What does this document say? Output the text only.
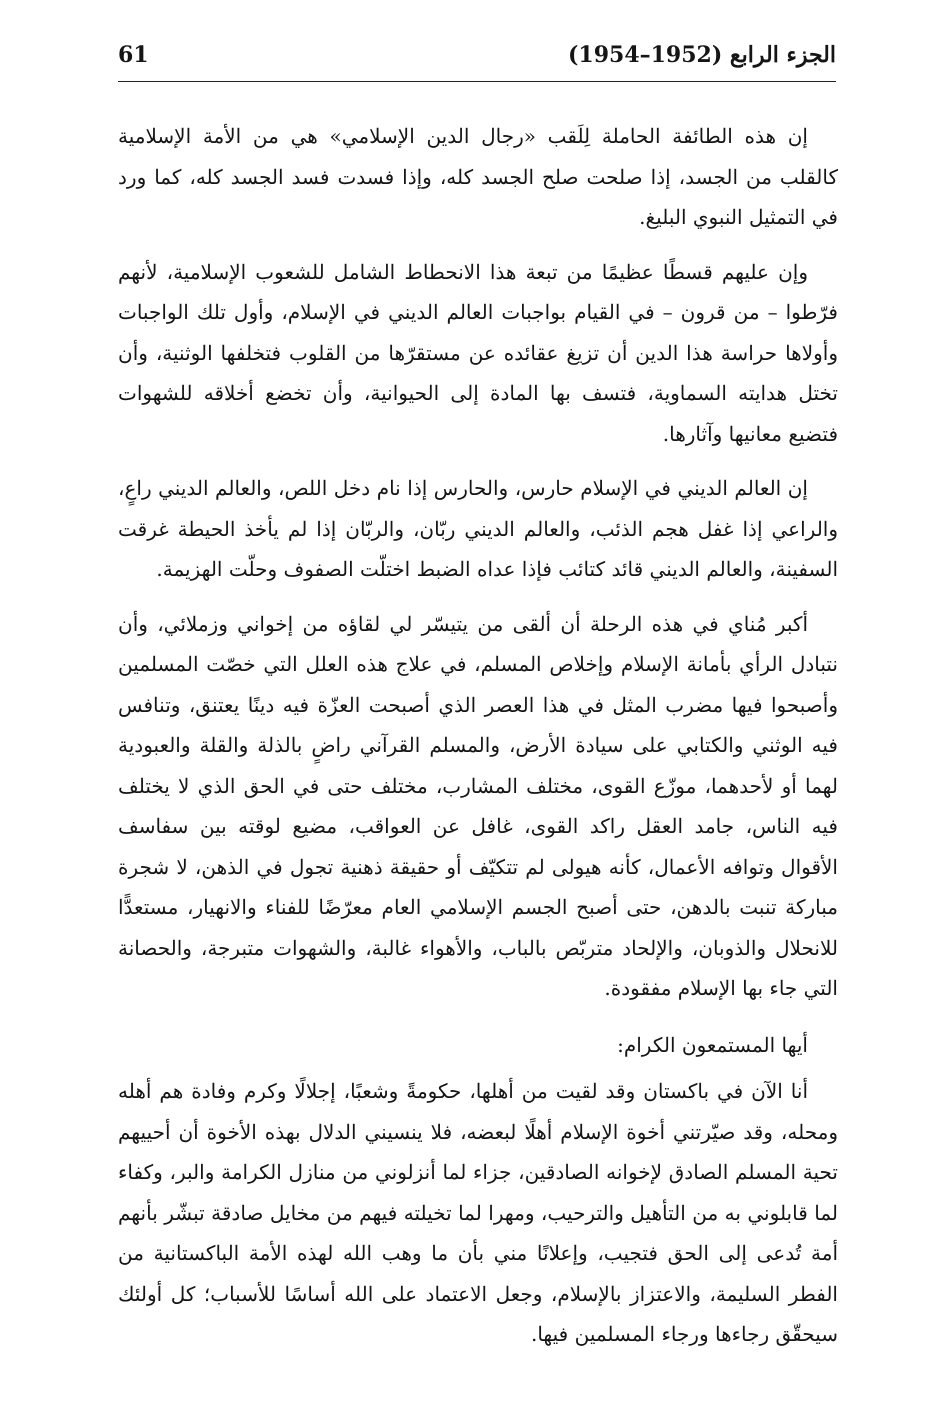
الجزء الرابع (1952–1954)
61

إن هذه الطائفة الحاملة لِلَقب «رجال الدين الإسلامي» هي من الأمة الإسلامية كالقلب من الجسد، إذا صلحت صلح الجسد كله، وإذا فسدت فسد الجسد كله، كما ورد في التمثيل النبوي البليغ.

وإن عليهم قسطًا عظيمًا من تبعة هذا الانحطاط الشامل للشعوب الإسلامية، لأنهم فرّطوا – من قرون – في القيام بواجبات العالم الديني في الإسلام، وأول تلك الواجبات وأولاها حراسة هذا الدين أن تزيغ عقائده عن مستقرّها من القلوب فتخلفها الوثنية، وأن تختل هدايته السماوية، فتسف بها المادة إلى الحيوانية، وأن تخضع أخلاقه للشهوات فتضيع معانيها وآثارها.

إن العالم الديني في الإسلام حارس، والحارس إذا نام دخل اللص، والعالم الديني راعٍ، والراعي إذا غفل هجم الذئب، والعالم الديني ربّان، والربّان إذا لم يأخذ الحيطة غرقت السفينة، والعالم الديني قائد كتائب فإذا عداه الضبط اختلّت الصفوف وحلّت الهزيمة.

أكبر مُناي في هذه الرحلة أن ألقى من يتيسّر لي لقاؤه من إخواني وزملائي، وأن نتبادل الرأي بأمانة الإسلام وإخلاص المسلم، في علاج هذه العلل التي خصّت المسلمين وأصبحوا فيها مضرب المثل في هذا العصر الذي أصبحت العزّة فيه دينًا يعتنق، وتنافس فيه الوثني والكتابي على سيادة الأرض، والمسلم القرآني راضٍ بالذلة والقلة والعبودية لهما أو لأحدهما، موزّع القوى، مختلف المشارب، مختلف حتى في الحق الذي لا يختلف فيه الناس، جامد العقل راكد القوى، غافل عن العواقب، مضيع لوقته بين سفاسف الأقوال وتوافه الأعمال، كأنه هيولى لم تتكيّف أو حقيقة ذهنية تجول في الذهن، لا شجرة مباركة تنبت بالدهن، حتى أصبح الجسم الإسلامي العام معرّضًا للفناء والانهيار، مستعدًّا للانحلال والذوبان، والإلحاد متربّص بالباب، والأهواء غالبة، والشهوات متبرجة، والحصانة التي جاء بها الإسلام مفقودة.

أيها المستمعون الكرام:

أنا الآن في باكستان وقد لقيت من أهلها، حكومةً وشعبًا، إجلالًا وكرم وفادة هم أهله ومحله، وقد صيّرتني أخوة الإسلام أهلًا لبعضه، فلا ينسيني الدلال بهذه الأخوة أن أحييهم تحية المسلم الصادق لإخوانه الصادقين، جزاء لما أنزلوني من منازل الكرامة والبر، وكفاء لما قابلوني به من التأهيل والترحيب، ومهرا لما تخيلته فيهم من مخايل صادقة تبشّر بأنهم أمة تُدعى إلى الحق فتجيب، وإعلانًا مني بأن ما وهب الله لهذه الأمة الباكستانية من الفطر السليمة، والاعتزاز بالإسلام، وجعل الاعتماد على الله أساسًا للأسباب؛ كل أولئك سيحقّق رجاءها ورجاء المسلمين فيها.
